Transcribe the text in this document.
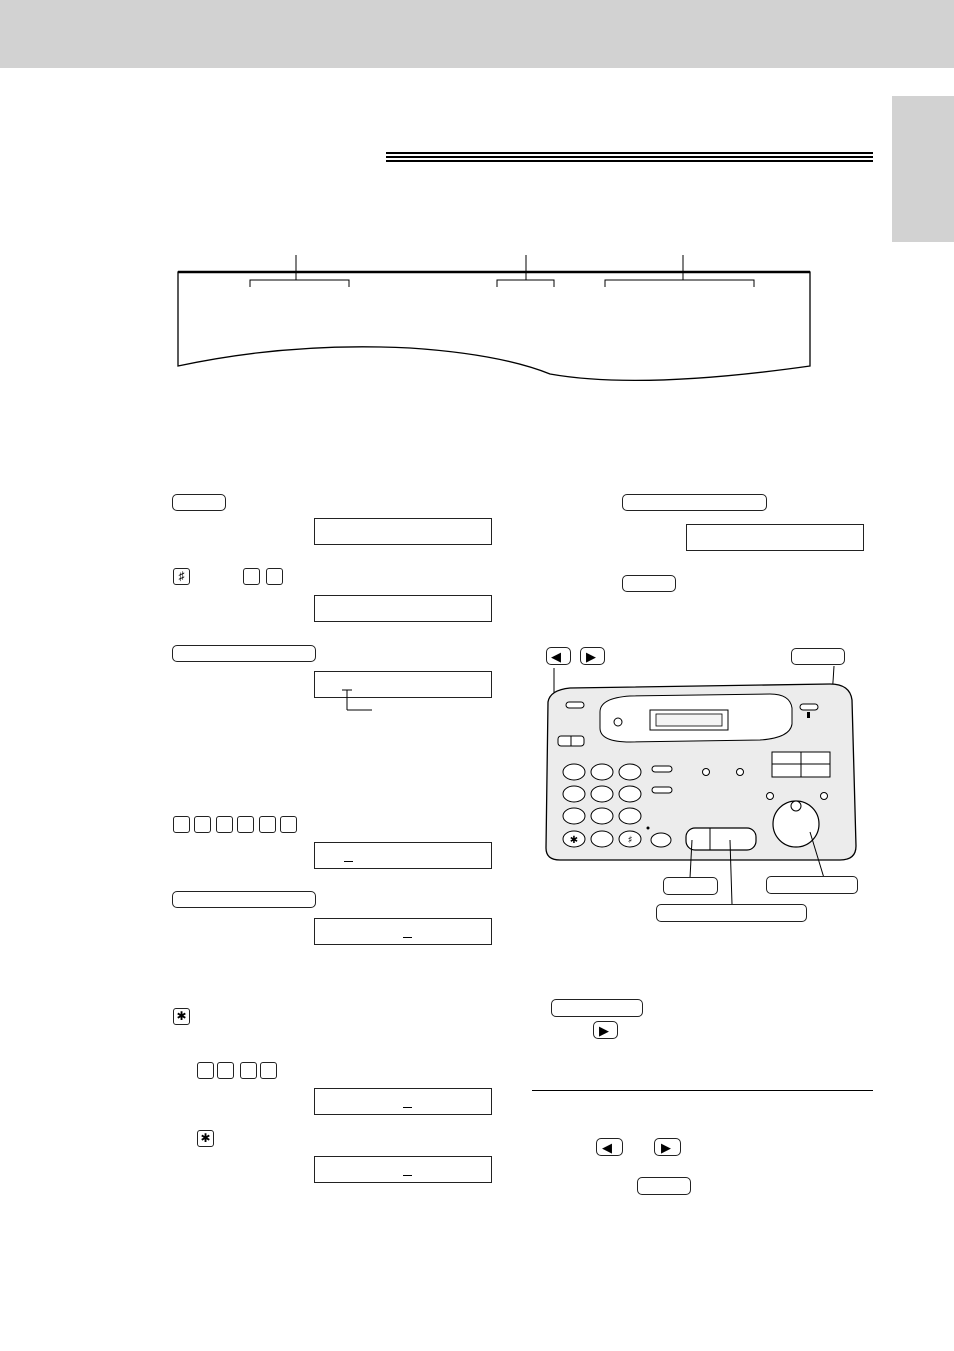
♯
✱
✱
◀ ▶
✱	♯
▶
◀	▶
